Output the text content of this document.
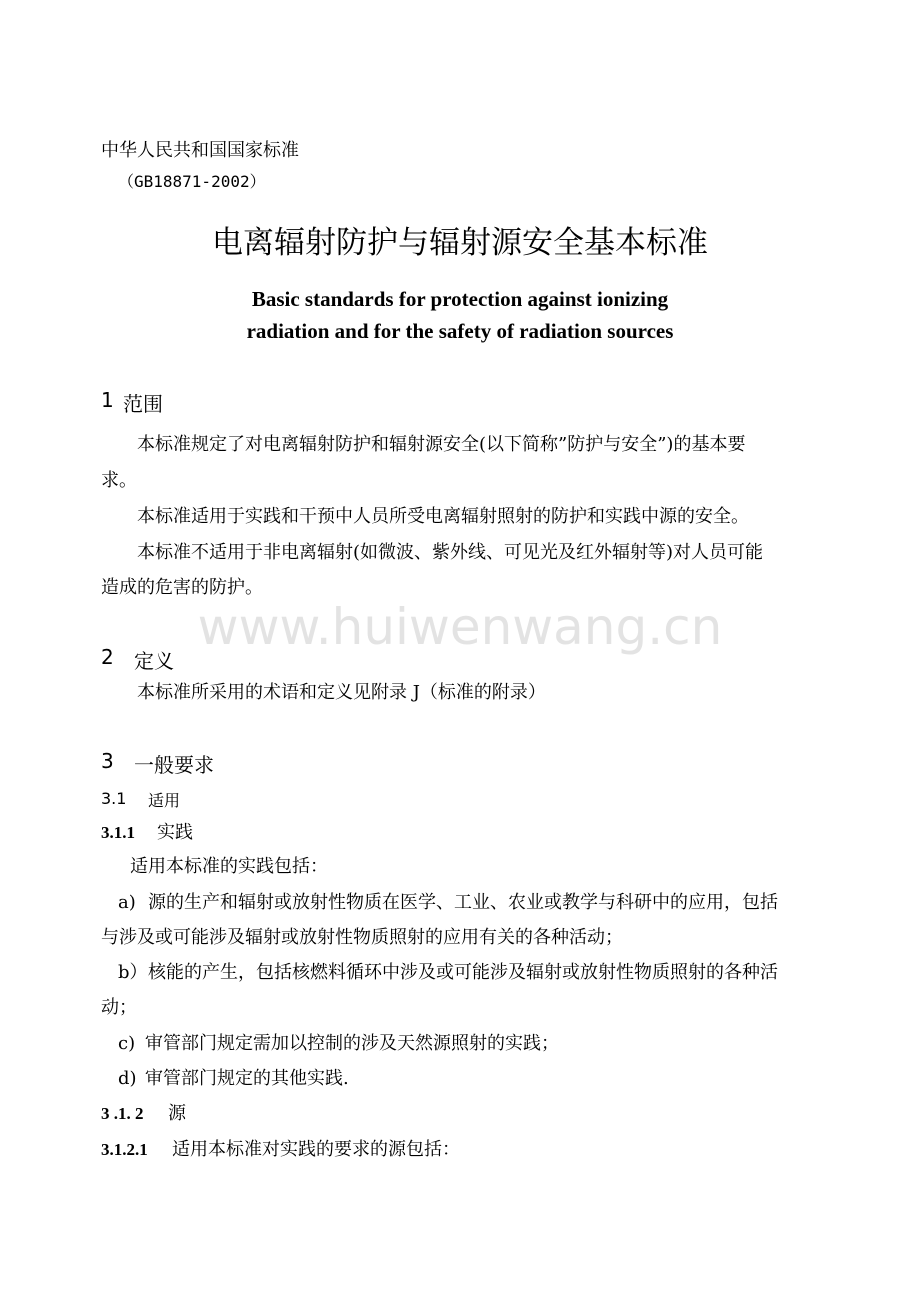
www.huiwenwang.cn
中华人民共和国国家标准
（GB18871-2002）
电离辐射防护与辐射源安全基本标准
Basic standards for protection against ionizing
radiation and for the safety of radiation sources
1 范围
本标准规定了对电离辐射防护和辐射源安全(以下简称”防护与安全”)的基本要
求。
本标准适用于实践和干预中人员所受电离辐射照射的防护和实践中源的安全。
本标准不适用于非电离辐射(如微波、紫外线、可见光及红外辐射等)对人员可能
造成的危害的防护。
2 定义
本标准所采用的术语和定义见附录 J（标准的附录）
3 一般要求
3.1 适用
3.1.1 实践
适用本标准的实践包括：
a) 源的生产和辐射或放射性物质在医学、工业、农业或教学与科研中的应用，包括
与涉及或可能涉及辐射或放射性物质照射的应用有关的各种活动；
b） 核能的产生，包括核燃料循环中涉及或可能涉及辐射或放射性物质照射的各种活
动；
c) 审管部门规定需加以控制的涉及天然源照射的实践；
d) 审管部门规定的其他实践.
3 .1. 2 源
3.1.2.1 适用本标准对实践的要求的源包括：
